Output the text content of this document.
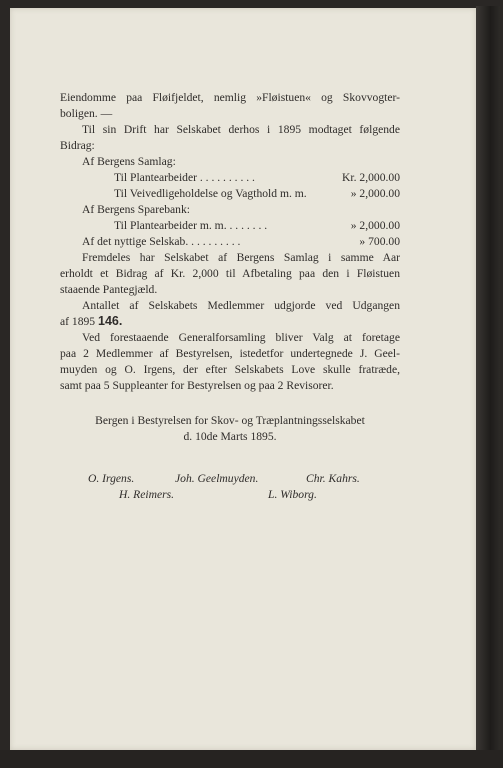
Eiendomme paa Fløifjeldet, nemlig »Fløistuen« og Skovvogter-
boligen. —
Til sin Drift har Selskabet derhos i 1895 modtaget følgende
Bidrag:
Af Bergens Samlag:
Til Plantearbeider . . . . . . . . . .	Kr. 2,000.00
Til Veivedligeholdelse og Vagthold m. m.	» 2,000.00
Af Bergens Sparebank:
Til Plantearbeider m. m. . . . . . . .	» 2,000.00
Af det nyttige Selskab. . . . . . . . . .	» 700.00
Fremdeles har Selskabet af Bergens Samlag i samme Aar
erholdt et Bidrag af Kr. 2,000 til Afbetaling paa den i Fløistuen
staaende Pantegjæld.
Antallet af Selskabets Medlemmer udgjorde ved Udgangen
af 1895 146.
Ved forestaaende Generalforsamling bliver Valg at foretage
paa 2 Medlemmer af Bestyrelsen, istedetfor undertegnede J. Geel-
muyden og O. Irgens, der efter Selskabets Love skulle fratræde,
samt paa 5 Suppleanter for Bestyrelsen og paa 2 Revisorer.
Bergen i Bestyrelsen for Skov- og Træplantningsselskabet
d. 10de Marts 1895.
O. Irgens.	Joh. Geelmuyden.	Chr. Kahrs.
H. Reimers.	L. Wiborg.
